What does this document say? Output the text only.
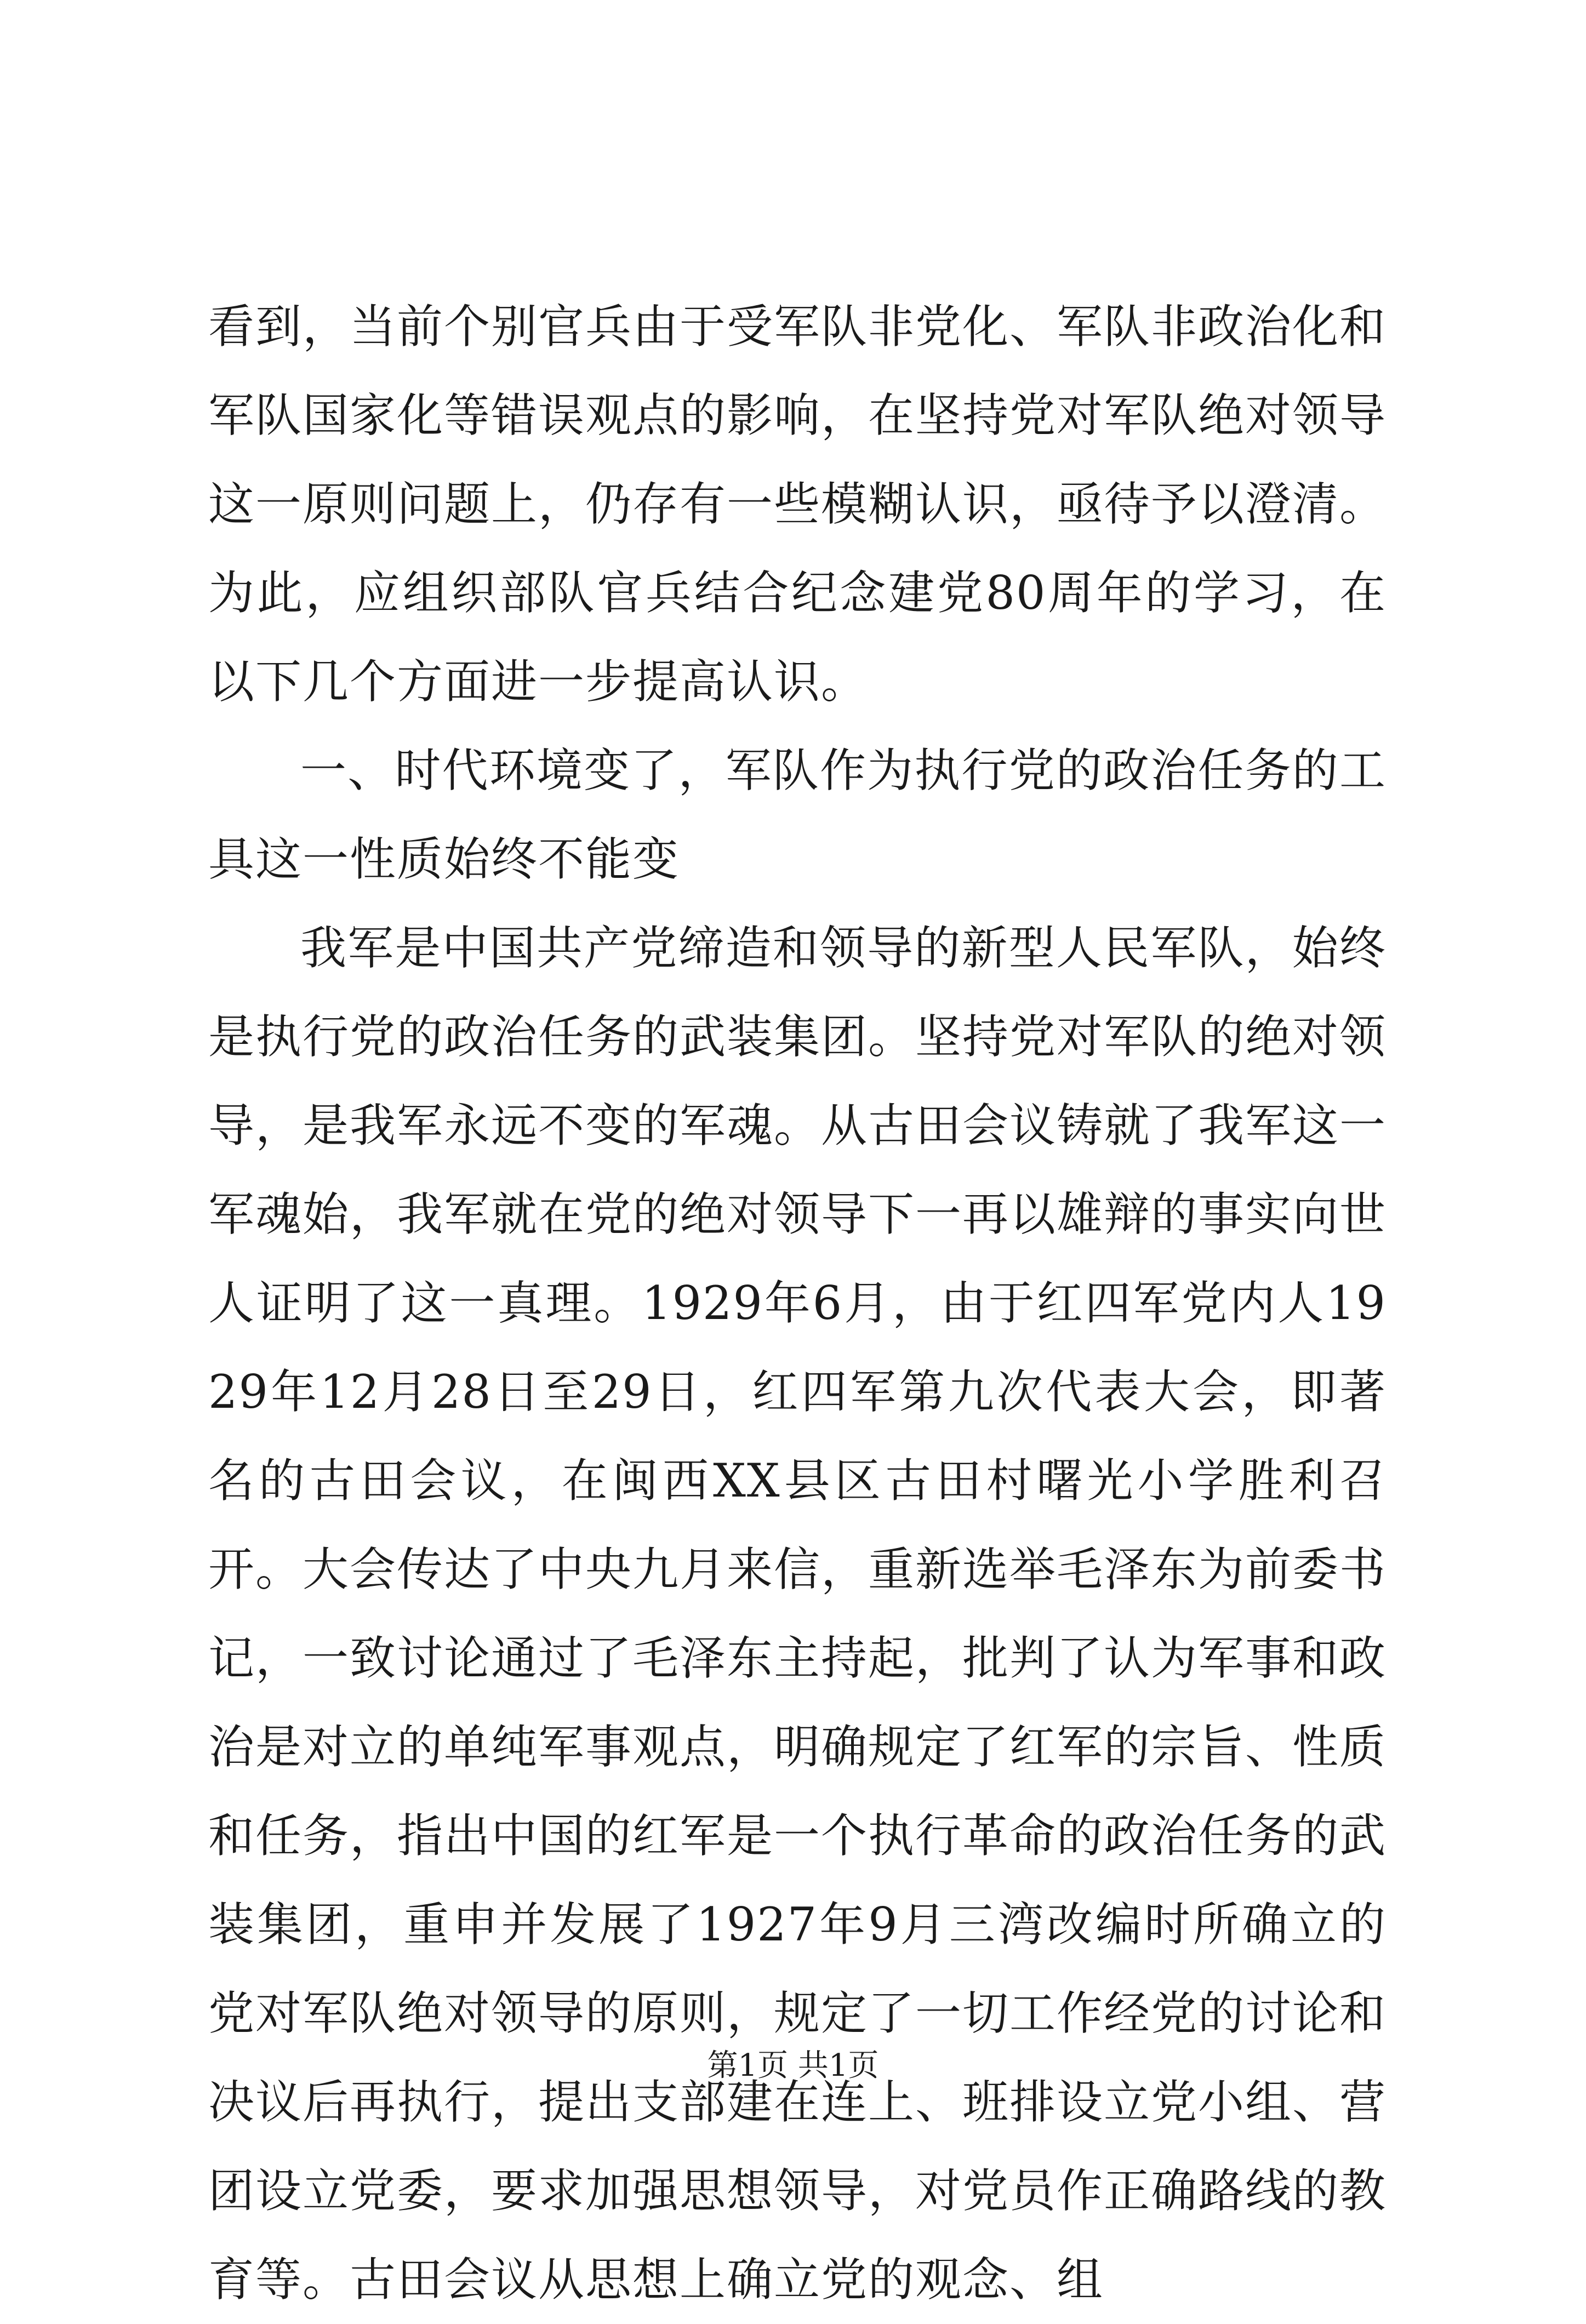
看到，当前个别官兵由于受军队非党化、军队非政治化和军队国家化等错误观点的影响，在坚持党对军队绝对领导这一原则问题上，仍存有一些模糊认识，亟待予以澄清。为此，应组织部队官兵结合纪念建党80周年的学习，在以下几个方面进一步提高认识。

一、时代环境变了，军队作为执行党的政治任务的工具这一性质始终不能变

我军是中国共产党缔造和领导的新型人民军队，始终是执行党的政治任务的武装集团。坚持党对军队的绝对领导，是我军永远不变的军魂。从古田会议铸就了我军这一军魂始，我军就在党的绝对领导下一再以雄辩的事实向世人证明了这一真理。1929年6月，由于红四军党内人1929年12月28日至29日，红四军第九次代表大会，即著名的古田会议，在闽西XX县区古田村曙光小学胜利召开。大会传达了中央九月来信，重新选举毛泽东为前委书记，一致讨论通过了毛泽东主持起，批判了认为军事和政治是对立的单纯军事观点，明确规定了红军的宗旨、性质和任务，指出中国的红军是一个执行革命的政治任务的武装集团，重申并发展了1927年9月三湾改编时所确立的党对军队绝对领导的原则，规定了一切工作经党的讨论和决议后再执行，提出支部建在连上、班排设立党小组、营团设立党委，要求加强思想领导，对党员作正确路线的教育等。古田会议从思想上确立党的观念、组

第1页 共1页
